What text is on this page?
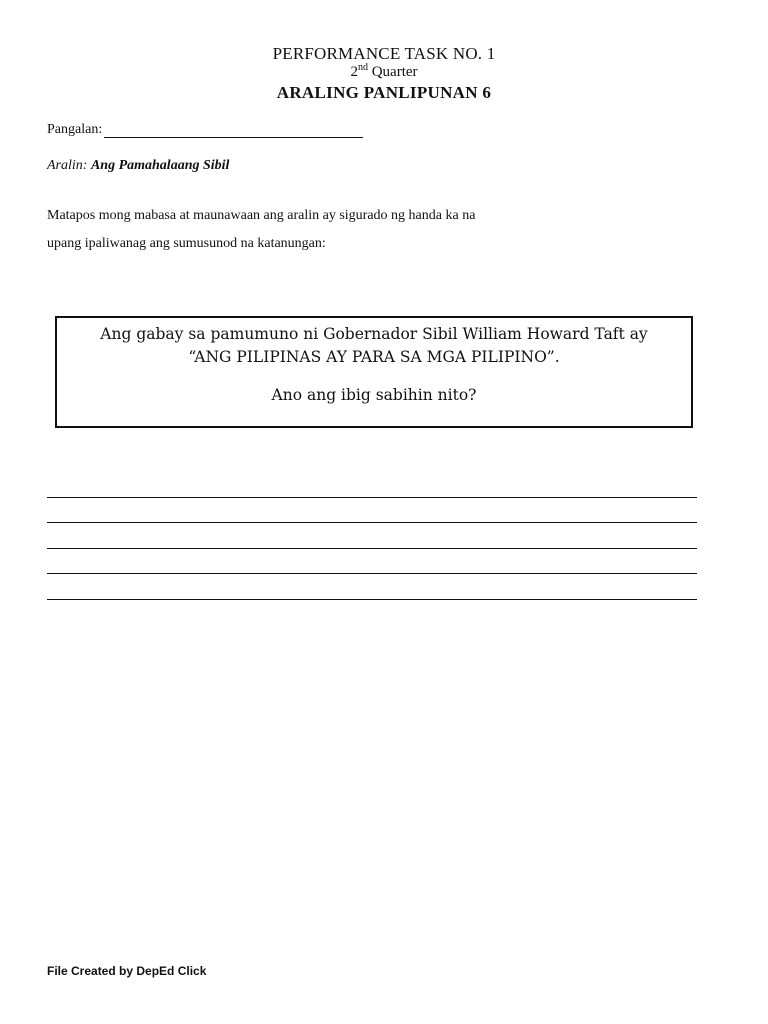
PERFORMANCE TASK NO. 1
2nd Quarter
ARALING PANLIPUNAN 6
Pangalan:
Aralin: Ang Pamahalaang Sibil
Matapos mong mabasa at maunawaan ang aralin ay sigurado ng handa ka na
upang ipaliwanag ang sumusunod na katanungan:
Ang gabay sa pamumuno ni Gobernador Sibil William Howard Taft ay
“ANG PILIPINAS AY PARA SA MGA PILIPINO”.
Ano ang ibig sabihin nito?
File Created by DepEd Click
